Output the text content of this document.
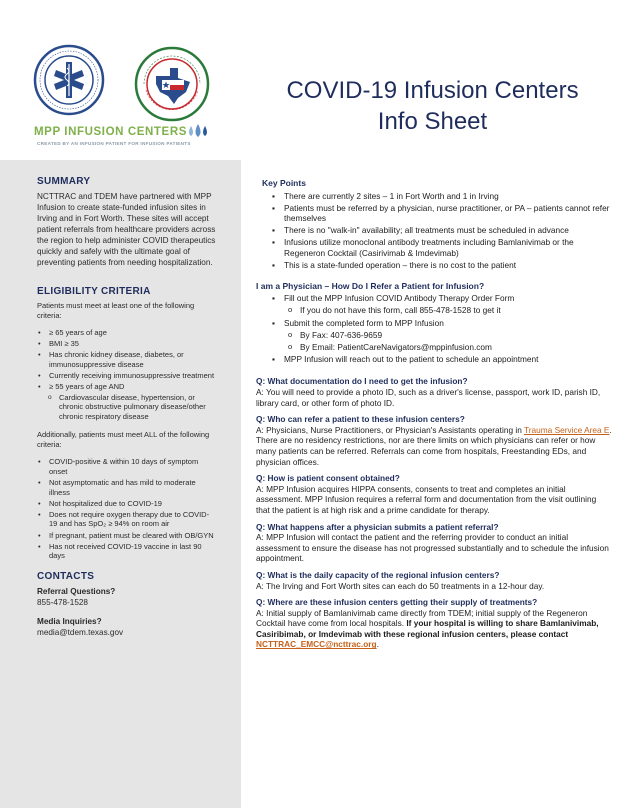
MPP INFUSION CENTERS
CREATED BY AN INFUSION PATIENT FOR INFUSION PATIENTS
SUMMARY

NCTTRAC and TDEM have partnered with MPP Infusion to create state-funded infusion sites in Irving and in Fort Worth. These sites will accept patient referrals from healthcare providers across the region to help administer COVID therapeutics quickly and safely with the ultimate goal of preventing patients from needing hospitalization.

ELIGIBILITY CRITERIA

Patients must meet at least one of the following criteria:

• ≥ 65 years of age
• BMI ≥ 35
• Has chronic kidney disease, diabetes, or immunosuppressive disease
• Currently receiving immunosuppressive treatment
• ≥ 55 years of age AND
o Cardiovascular disease, hypertension, or chronic obstructive pulmonary disease/other chronic respiratory disease

Additionally, patients must meet ALL of the following criteria:

• COVID-positive & within 10 days of symptom onset
• Not asymptomatic and has mild to moderate illness
• Not hospitalized due to COVID-19
• Does not require oxygen therapy due to COVID-19 and has SpO₂ ≥ 94% on room air
• If pregnant, patient must be cleared with OB/GYN
• Has not received COVID-19 vaccine in last 90 days
CONTACTS
Referral Questions?
855-478-1528
Media Inquiries?
media@tdem.texas.gov
COVID-19 Infusion Centers
Info Sheet
Key Points
▪ There are currently 2 sites – 1 in Fort Worth and 1 in Irving
▪ Patients must be referred by a physician, nurse practitioner, or PA – patients cannot refer themselves
▪ There is no "walk-in" availability; all treatments must be scheduled in advance
▪ Infusions utilize monoclonal antibody treatments including Bamlanivimab or the Regeneron Cocktail (Casirivimab & Imdevimab)
▪ This is a state-funded operation – there is no cost to the patient
I am a Physician – How Do I Refer a Patient for Infusion?
▪ Fill out the MPP Infusion COVID Antibody Therapy Order Form
o If you do not have this form, call 855-478-1528 to get it
▪ Submit the completed form to MPP Infusion
o By Fax: 407-636-9659
o By Email: PatientCareNavigators@mppinfusion.com
▪ MPP Infusion will reach out to the patient to schedule an appointment
Q: What documentation do I need to get the infusion?

A: You will need to provide a photo ID, such as a driver's license, passport, work ID, parish ID, library card, or other form of photo ID.

Q: Who can refer a patient to these infusion centers?

A: Physicians, Nurse Practitioners, or Physician's Assistants operating in Trauma Service Area E. There are no residency restrictions, nor are there limits on which physicians can refer or how many patients can be referred. Referrals can come from hospitals, Freestanding EDs, and physician offices.

Q: How is patient consent obtained?

A: MPP Infusion acquires HIPPA consents, consents to treat and completes an initial assessment. MPP Infusion requires a referral form and documentation from the visit outlining that the patient is at high risk and a prime candidate for therapy.

Q: What happens after a physician submits a patient referral?

A: MPP Infusion will contact the patient and the referring provider to conduct an initial assessment to ensure the disease has not progressed substantially and to schedule the infusion appointment.

Q: What is the daily capacity of the regional infusion centers?

A: The Irving and Fort Worth sites can each do 50 treatments in a 12-hour day.

Q: Where are these infusion centers getting their supply of treatments?

A: Initial supply of Bamlanivimab came directly from TDEM; initial supply of the Regeneron Cocktail have come from local hospitals. If your hospital is willing to share Bamlanivimab, Casiribimab, or Imdevimab with these regional infusion centers, please contact NCTTRAC_EMCC@ncttrac.org.
